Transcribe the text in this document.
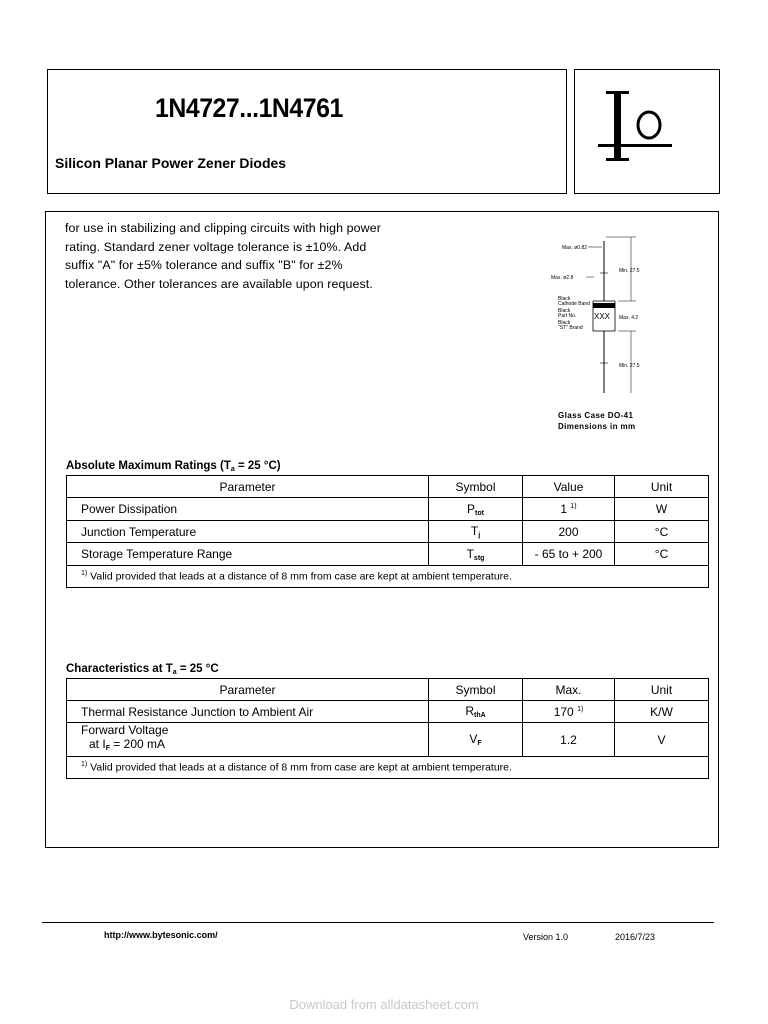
1N4727...1N4761
Silicon Planar Power Zener Diodes
for use in stabilizing and clipping circuits with high power rating. Standard zener voltage tolerance is ±10%. Add suffix "A" for ±5% tolerance and suffix "B" for ±2% tolerance. Other tolerances are available upon request.
Max. ø0.82
Max. ø2.8
Min. 27.5
Max. 4.2
Min. 27.5
Black
Cathode Band
Black
Part No.
Black
"ST" Brand
XXX
Glass Case DO-41
Dimensions in mm
Absolute Maximum Ratings ($T_a = 25$ °C)
Parameter	Symbol	Value	Unit
Power Dissipation	$P_{tot}$	1 $^{1)}$	W
Junction Temperature	$T_j$	200	°C
Storage Temperature Range	$T_{stg}$	- 65 to + 200	°C
$^{1)}$ Valid provided that leads at a distance of 8 mm from case are kept at ambient temperature.			
Characteristics at $T_a = 25$ °C
Parameter	Symbol	Max.	Unit
Thermal Resistance Junction to Ambient Air	$R_{thA}$	170 $^{1)}$	K/W

Forward Voltage
at $I_F = 200$ mA	$V_F$	1.2	V
$^{1)}$ Valid provided that leads at a distance of 8 mm from case are kept at ambient temperature.			
http://www.bytesonic.com/	Version 1.0	2016/7/23
Download from alldatasheet.com
